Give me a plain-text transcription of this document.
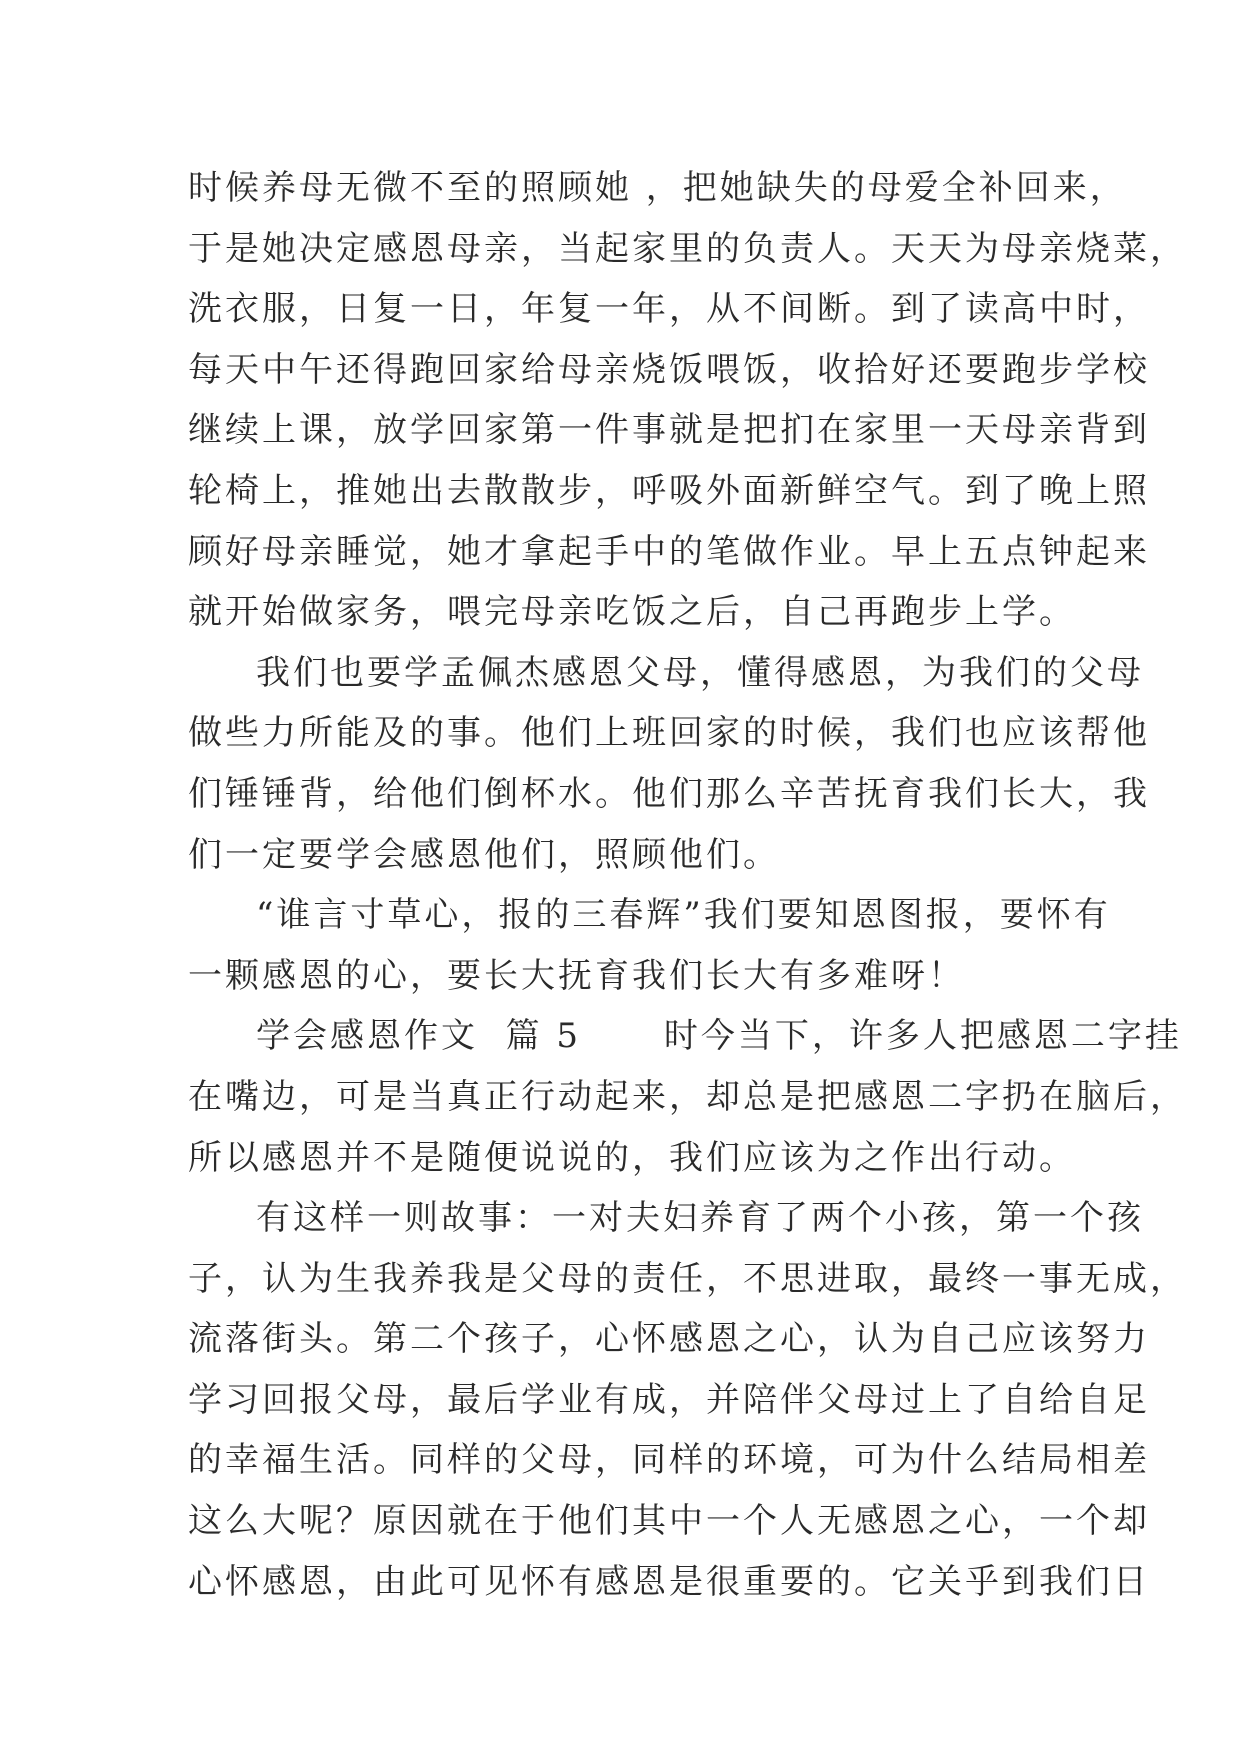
时候养母无微不至的照顾她 ，把她缺失的母爱全补回来，
于是她决定感恩母亲，当起家里的负责人。天天为母亲烧菜，
洗衣服，日复一日，年复一年，从不间断。到了读高中时，
每天中午还得跑回家给母亲烧饭喂饭，收拾好还要跑步学校
继续上课，放学回家第一件事就是把扪在家里一天母亲背到
轮椅上，推她出去散散步，呼吸外面新鲜空气。到了晚上照
顾好母亲睡觉，她才拿起手中的笔做作业。早上五点钟起来
就开始做家务，喂完母亲吃饭之后，自己再跑步上学。
我们也要学孟佩杰感恩父母，懂得感恩，为我们的父母
做些力所能及的事。他们上班回家的时候，我们也应该帮他
们锤锤背，给他们倒杯水。他们那么辛苦抚育我们长大，我
们一定要学会感恩他们，照顾他们。
“谁言寸草心，报的三春辉”我们要知恩图报，要怀有
一颗感恩的心，要长大抚育我们长大有多难呀！
学会感恩作文  篇 5      时今当下，许多人把感恩二字挂
在嘴边，可是当真正行动起来，却总是把感恩二字扔在脑后，
所以感恩并不是随便说说的，我们应该为之作出行动。
有这样一则故事：一对夫妇养育了两个小孩，第一个孩
子，认为生我养我是父母的责任，不思进取，最终一事无成，
流落街头。第二个孩子，心怀感恩之心，认为自己应该努力
学习回报父母，最后学业有成，并陪伴父母过上了自给自足
的幸福生活。同样的父母，同样的环境，可为什么结局相差
这么大呢？原因就在于他们其中一个人无感恩之心，一个却
心怀感恩，由此可见怀有感恩是很重要的。它关乎到我们日
